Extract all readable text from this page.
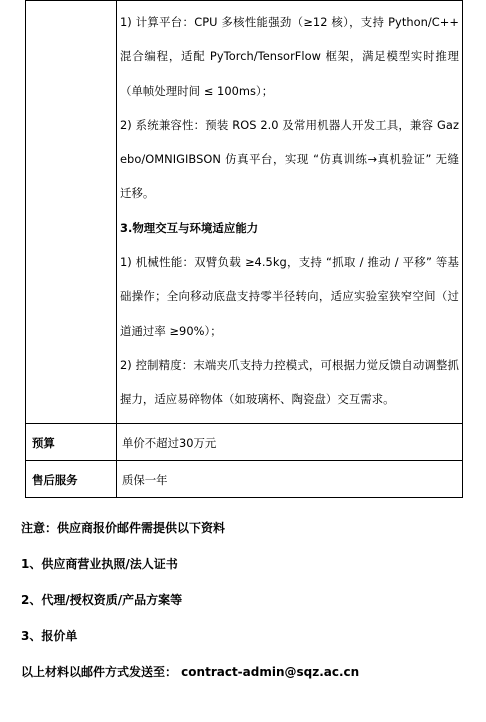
	1) 计算平台：CPU 多核性能强劲（≥12 核），支持 Python/C++ 混合编程，适配 PyTorch/TensorFlow 框架，满足模型实时推理（单帧处理时间 ≤ 100ms）；
2) 系统兼容性：预装 ROS 2.0 及常用机器人开发工具，兼容 Gazebo/OMNIGIBSON 仿真平台，实现 “仿真训练→真机验证” 无缝迁移。
3.物理交互与环境适应能力
1) 机械性能：双臂负载 ≥4.5kg，支持 “抓取 / 推动 / 平移” 等基础操作；全向移动底盘支持零半径转向，适应实验室狭窄空间（过道通过率 ≥90%）；
2) 控制精度：末端夹爪支持力控模式，可根据力觉反馈自动调整抓握力，适应易碎物体（如玻璃杯、陶瓷盘）交互需求。

预算	单价不超过30万元
售后服务	质保一年
注意：供应商报价邮件需提供以下资料
1、供应商营业执照/法人证书
2、代理/授权资质/产品方案等
3、报价单
以上材料以邮件方式发送至： contract-admin@sqz.ac.cn
